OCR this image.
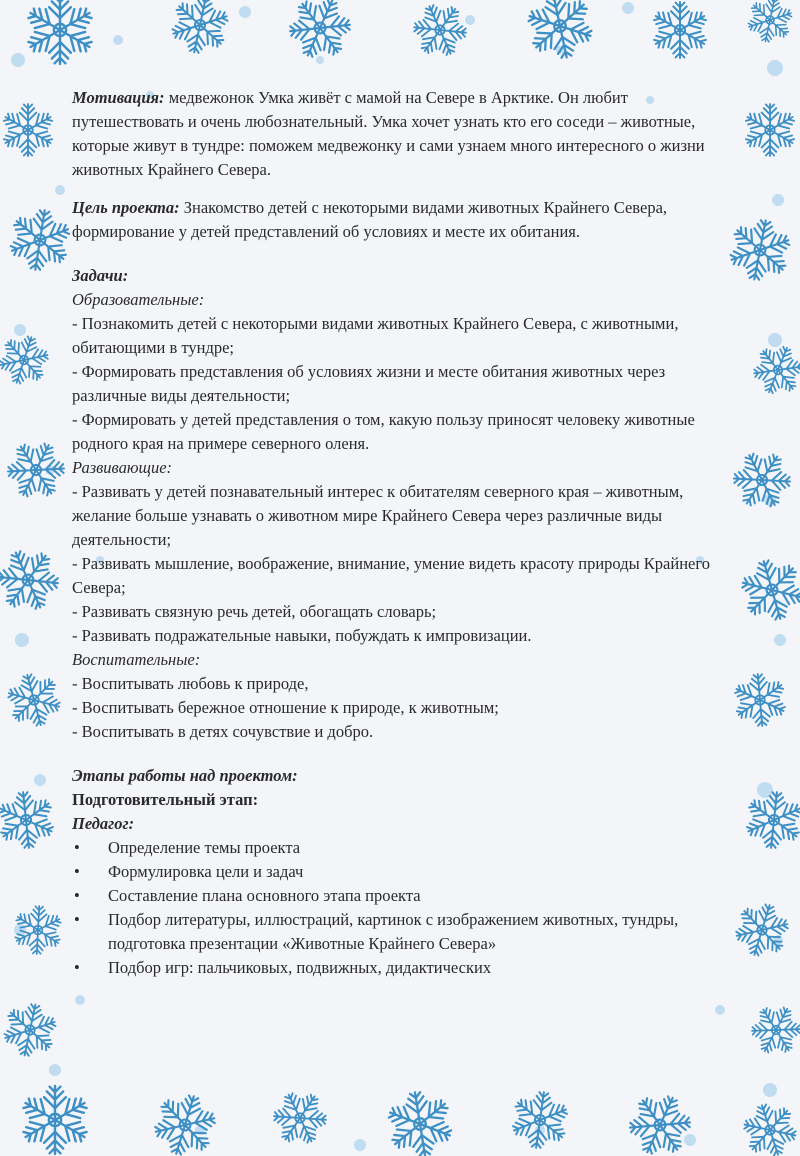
Мотивация: медвежонок Умка живёт с мамой на Севере в Арктике. Он любит путешествовать и очень любознательный. Умка хочет узнать кто его соседи – животные, которые живут в тундре: поможем медвежонку и сами узнаем много интересного о жизни животных Крайнего Севера.

Цель проекта: Знакомство детей с некоторыми видами животных Крайнего Севера, формирование у детей представлений об условиях и месте их обитания.

Задачи:

Образовательные:

- Познакомить детей с некоторыми видами животных Крайнего Севера, с животными, обитающими в тундре;

- Формировать представления об условиях жизни и месте обитания животных через различные виды деятельности;

- Формировать у детей представления о том, какую пользу приносят человеку животные родного края на примере северного оленя.

Развивающие:

- Развивать у детей познавательный интерес к обитателям северного края – животным, желание больше узнавать о животном мире Крайнего Севера через различные виды деятельности;

- Развивать мышление, воображение, внимание, умение видеть красоту природы Крайнего Севера;

- Развивать связную речь детей, обогащать словарь;

- Развивать подражательные навыки, побуждать к импровизации.

Воспитательные:

- Воспитывать любовь к природе,

- Воспитывать бережное отношение к природе, к животным;

- Воспитывать в детях сочувствие и добро.

Этапы работы над проектом:

Подготовительный этап:

Педагог:

• Определение темы проекта
• Формулировка цели и задач
• Составление плана основного этапа проекта
• Подбор литературы, иллюстраций, картинок с изображением животных, тундры, подготовка презентации «Животные Крайнего Севера»
• Подбор игр: пальчиковых, подвижных, дидактических
